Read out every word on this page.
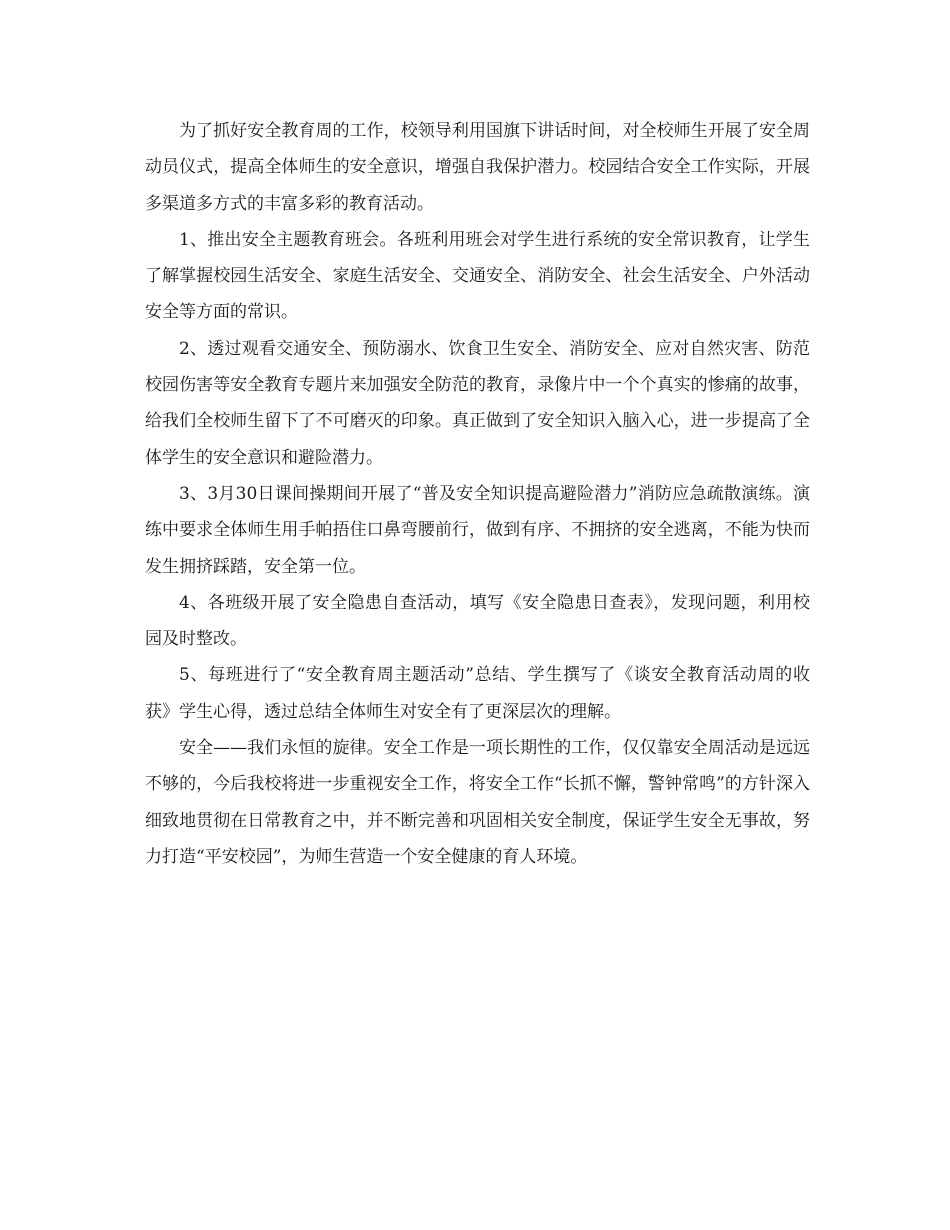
为了抓好安全教育周的工作，校领导利用国旗下讲话时间，对全校师生开展了安全周动员仪式，提高全体师生的安全意识，增强自我保护潜力。校园结合安全工作实际，开展多渠道多方式的丰富多彩的教育活动。

1、推出安全主题教育班会。各班利用班会对学生进行系统的安全常识教育，让学生了解掌握校园生活安全、家庭生活安全、交通安全、消防安全、社会生活安全、户外活动安全等方面的常识。

2、透过观看交通安全、预防溺水、饮食卫生安全、消防安全、应对自然灾害、防范校园伤害等安全教育专题片来加强安全防范的教育，录像片中一个个真实的惨痛的故事，给我们全校师生留下了不可磨灭的印象。真正做到了安全知识入脑入心，进一步提高了全体学生的安全意识和避险潜力。

3、3月30日课间操期间开展了“普及安全知识提高避险潜力”消防应急疏散演练。演练中要求全体师生用手帕捂住口鼻弯腰前行，做到有序、不拥挤的安全逃离，不能为快而发生拥挤踩踏，安全第一位。

4、各班级开展了安全隐患自查活动，填写《安全隐患日查表》，发现问题，利用校园及时整改。

5、每班进行了“安全教育周主题活动”总结、学生撰写了《谈安全教育活动周的收获》学生心得，透过总结全体师生对安全有了更深层次的理解。

安全——我们永恒的旋律。安全工作是一项长期性的工作，仅仅靠安全周活动是远远不够的，今后我校将进一步重视安全工作，将安全工作“长抓不懈，警钟常鸣”的方针深入细致地贯彻在日常教育之中，并不断完善和巩固相关安全制度，保证学生安全无事故，努力打造“平安校园”，为师生营造一个安全健康的育人环境。
